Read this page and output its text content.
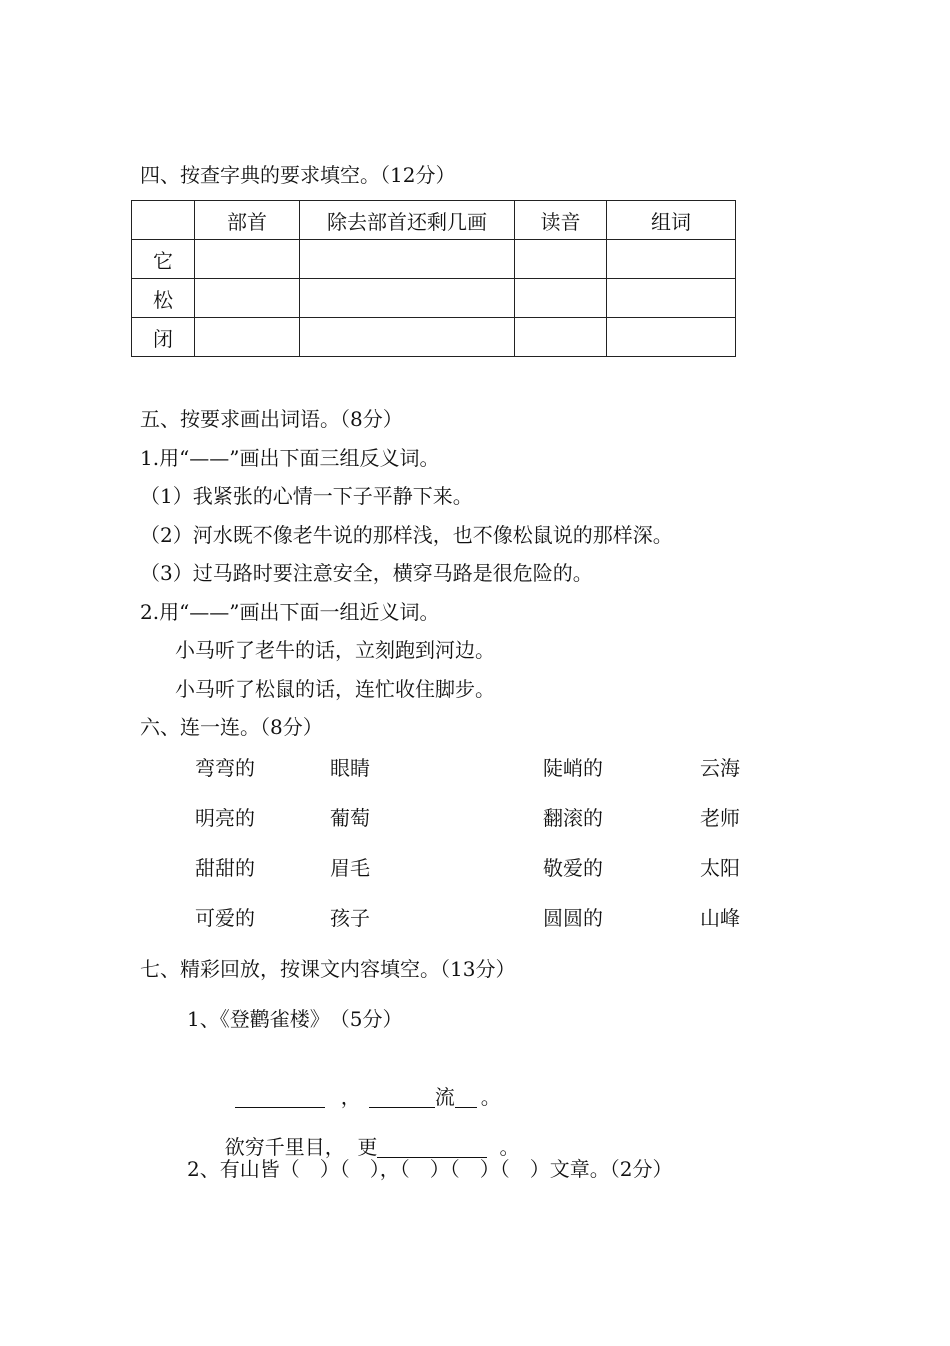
四、按查字典的要求填空。（12分）
	部首	除去部首还剩几画	读音	组词
它				
松				
闭				
五、按要求画出词语。（8分）
1.用“——”画出下面三组反义词。
（1）我紧张的心情一下子平静下来。
（2）河水既不像老牛说的那样浅，也不像松鼠说的那样深。
（3）过马路时要注意安全，横穿马路是很危险的。
2.用“——”画出下面一组近义词。
小马听了老牛的话，立刻跑到河边。
小马听了松鼠的话，连忙收住脚步。
六、连一连。（8分）
弯弯的	眼睛	陡峭的	云海
明亮的	葡萄	翻滚的	老师
甜甜的	眉毛	敬爱的	太阳
可爱的	孩子	圆圆的	山峰
七、精彩回放，按课文内容填空。（13分）
1、《登鹳雀楼》　（5分）

，	流 。

欲穷千里目，  更	。

2、有山皆（　）（　），（　）（　）（　）文章。（2分）
